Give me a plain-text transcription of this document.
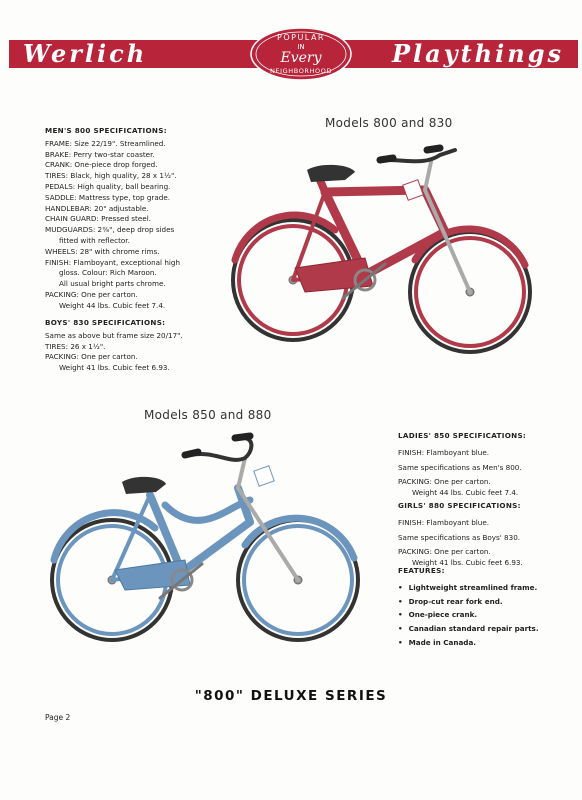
Werlich	Playthings
POPULAR
IN
Every
NEIGHBORHOOD
MEN'S 800 SPECIFICATIONS:
FRAME: Size 22/19". Streamlined.
BRAKE: Perry two-star coaster.
CRANK: One-piece drop forged.
TIRES: Black, high quality, 28 x 1½".
PEDALS: High quality, ball bearing.
SADDLE: Mattress type, top grade.
HANDLEBAR: 20" adjustable.
CHAIN GUARD: Pressed steel.
MUDGUARDS: 2⅜", deep drop sides
fitted with reflector.
WHEELS: 28" with chrome rims.
FINISH: Flamboyant, exceptional high
gloss. Colour: Rich Maroon.
All usual bright parts chrome.
PACKING: One per carton.
Weight 44 lbs. Cubic feet 7.4.
BOYS' 830 SPECIFICATIONS:
Same as above but frame size 20/17".
TIRES: 26 x 1½".
PACKING: One per carton.
Weight 41 lbs. Cubic feet 6.93.
Models 800 and 830
Models 850 and 880
LADIES' 850 SPECIFICATIONS:
FINISH: Flamboyant blue.
Same specifications as Men's 800.
PACKING: One per carton.
Weight 44 lbs. Cubic feet 7.4.
GIRLS' 880 SPECIFICATIONS:
FINISH: Flamboyant blue.
Same specifications as Boys' 830.
PACKING: One per carton.
Weight 41 lbs. Cubic feet 6.93.
FEATURES:
• Lightweight streamlined frame.
• Drop-cut rear fork end.
• One-piece crank.
• Canadian standard repair parts.
• Made in Canada.
"800" DELUXE SERIES
Page 2
